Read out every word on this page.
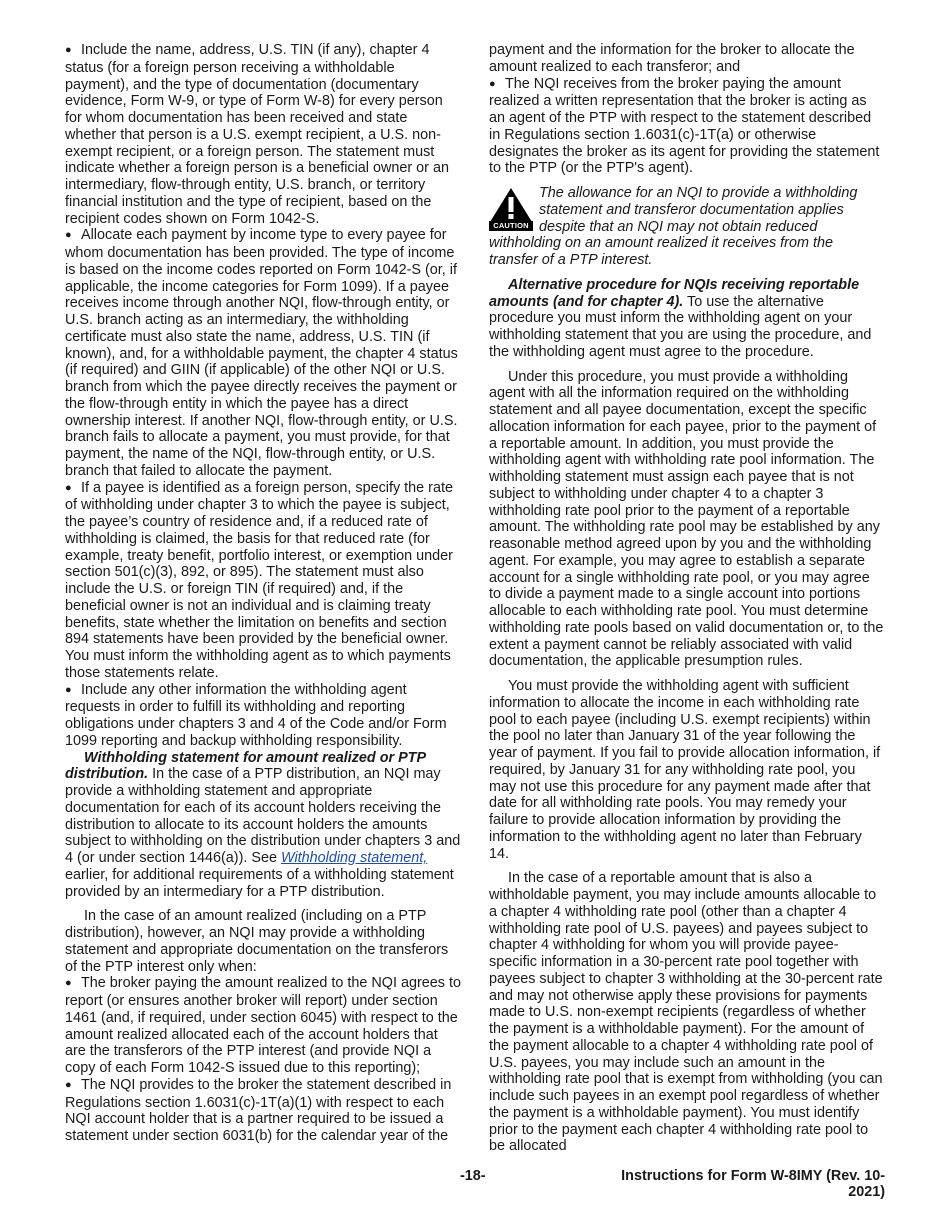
● Include the name, address, U.S. TIN (if any), chapter 4 status (for a foreign person receiving a withholdable payment), and the type of documentation (documentary evidence, Form W-9, or type of Form W-8) for every person for whom documentation has been received and state whether that person is a U.S. exempt recipient, a U.S. non-exempt recipient, or a foreign person. The statement must indicate whether a foreign person is a beneficial owner or an intermediary, flow-through entity, U.S. branch, or territory financial institution and the type of recipient, based on the recipient codes shown on Form 1042-S.

● Allocate each payment by income type to every payee for whom documentation has been provided. The type of income is based on the income codes reported on Form 1042-S (or, if applicable, the income categories for Form 1099). If a payee receives income through another NQI, flow-through entity, or U.S. branch acting as an intermediary, the withholding certificate must also state the name, address, U.S. TIN (if known), and, for a withholdable payment, the chapter 4 status (if required) and GIIN (if applicable) of the other NQI or U.S. branch from which the payee directly receives the payment or the flow-through entity in which the payee has a direct ownership interest. If another NQI, flow-through entity, or U.S. branch fails to allocate a payment, you must provide, for that payment, the name of the NQI, flow-through entity, or U.S. branch that failed to allocate the payment.

● If a payee is identified as a foreign person, specify the rate of withholding under chapter 3 to which the payee is subject, the payee’s country of residence and, if a reduced rate of withholding is claimed, the basis for that reduced rate (for example, treaty benefit, portfolio interest, or exemption under section 501(c)(3), 892, or 895). The statement must also include the U.S. or foreign TIN (if required) and, if the beneficial owner is not an individual and is claiming treaty benefits, state whether the limitation on benefits and section 894 statements have been provided by the beneficial owner. You must inform the withholding agent as to which payments those statements relate.

● Include any other information the withholding agent requests in order to fulfill its withholding and reporting obligations under chapters 3 and 4 of the Code and/or Form 1099 reporting and backup withholding responsibility.

Withholding statement for amount realized or PTP distribution. In the case of a PTP distribution, an NQI may provide a withholding statement and appropriate documentation for each of its account holders receiving the distribution to allocate to its account holders the amounts subject to withholding on the distribution under chapters 3 and 4 (or under section 1446(a)). See Withholding statement, earlier, for additional requirements of a withholding statement provided by an intermediary for a PTP distribution.

In the case of an amount realized (including on a PTP distribution), however, an NQI may provide a withholding statement and appropriate documentation on the transferors of the PTP interest only when:

● The broker paying the amount realized to the NQI agrees to report (or ensures another broker will report) under section 1461 (and, if required, under section 6045) with respect to the amount realized allocated each of the account holders that are the transferors of the PTP interest (and provide NQI a copy of each Form 1042-S issued due to this reporting);

● The NQI provides to the broker the statement described in Regulations section 1.6031(c)-1T(a)(1) with respect to each NQI account holder that is a partner required to be issued a statement under section 6031(b) for the calendar year of the

payment and the information for the broker to allocate the amount realized to each transferor; and

● The NQI receives from the broker paying the amount realized a written representation that the broker is acting as an agent of the PTP with respect to the statement described in Regulations section 1.6031(c)-1T(a) or otherwise designates the broker as its agent for providing the statement to the PTP (or the PTP's agent).

CAUTION
The allowance for an NQI to provide a withholding statement and transferor documentation applies despite that an NQI may not obtain reduced withholding on an amount realized it receives from the transfer of a PTP interest.

Alternative procedure for NQIs receiving reportable amounts (and for chapter 4). To use the alternative procedure you must inform the withholding agent on your withholding statement that you are using the procedure, and the withholding agent must agree to the procedure.

Under this procedure, you must provide a withholding agent with all the information required on the withholding statement and all payee documentation, except the specific allocation information for each payee, prior to the payment of a reportable amount. In addition, you must provide the withholding agent with withholding rate pool information. The withholding statement must assign each payee that is not subject to withholding under chapter 4 to a chapter 3 withholding rate pool prior to the payment of a reportable amount. The withholding rate pool may be established by any reasonable method agreed upon by you and the withholding agent. For example, you may agree to establish a separate account for a single withholding rate pool, or you may agree to divide a payment made to a single account into portions allocable to each withholding rate pool. You must determine withholding rate pools based on valid documentation or, to the extent a payment cannot be reliably associated with valid documentation, the applicable presumption rules.

You must provide the withholding agent with sufficient information to allocate the income in each withholding rate pool to each payee (including U.S. exempt recipients) within the pool no later than January 31 of the year following the year of payment. If you fail to provide allocation information, if required, by January 31 for any withholding rate pool, you may not use this procedure for any payment made after that date for all withholding rate pools. You may remedy your failure to provide allocation information by providing the information to the withholding agent no later than February 14.

In the case of a reportable amount that is also a withholdable payment, you may include amounts allocable to a chapter 4 withholding rate pool (other than a chapter 4 withholding rate pool of U.S. payees) and payees subject to chapter 4 withholding for whom you will provide payee-specific information in a 30-percent rate pool together with payees subject to chapter 3 withholding at the 30-percent rate and may not otherwise apply these provisions for payments made to U.S. non-exempt recipients (regardless of whether the payment is a withholdable payment). For the amount of the payment allocable to a chapter 4 withholding rate pool of U.S. payees, you may include such an amount in the withholding rate pool that is exempt from withholding (you can include such payees in an exempt pool regardless of whether the payment is a withholdable payment). You must identify prior to the payment each chapter 4 withholding rate pool to be allocated

-18-	Instructions for Form W-8IMY (Rev. 10-2021)
